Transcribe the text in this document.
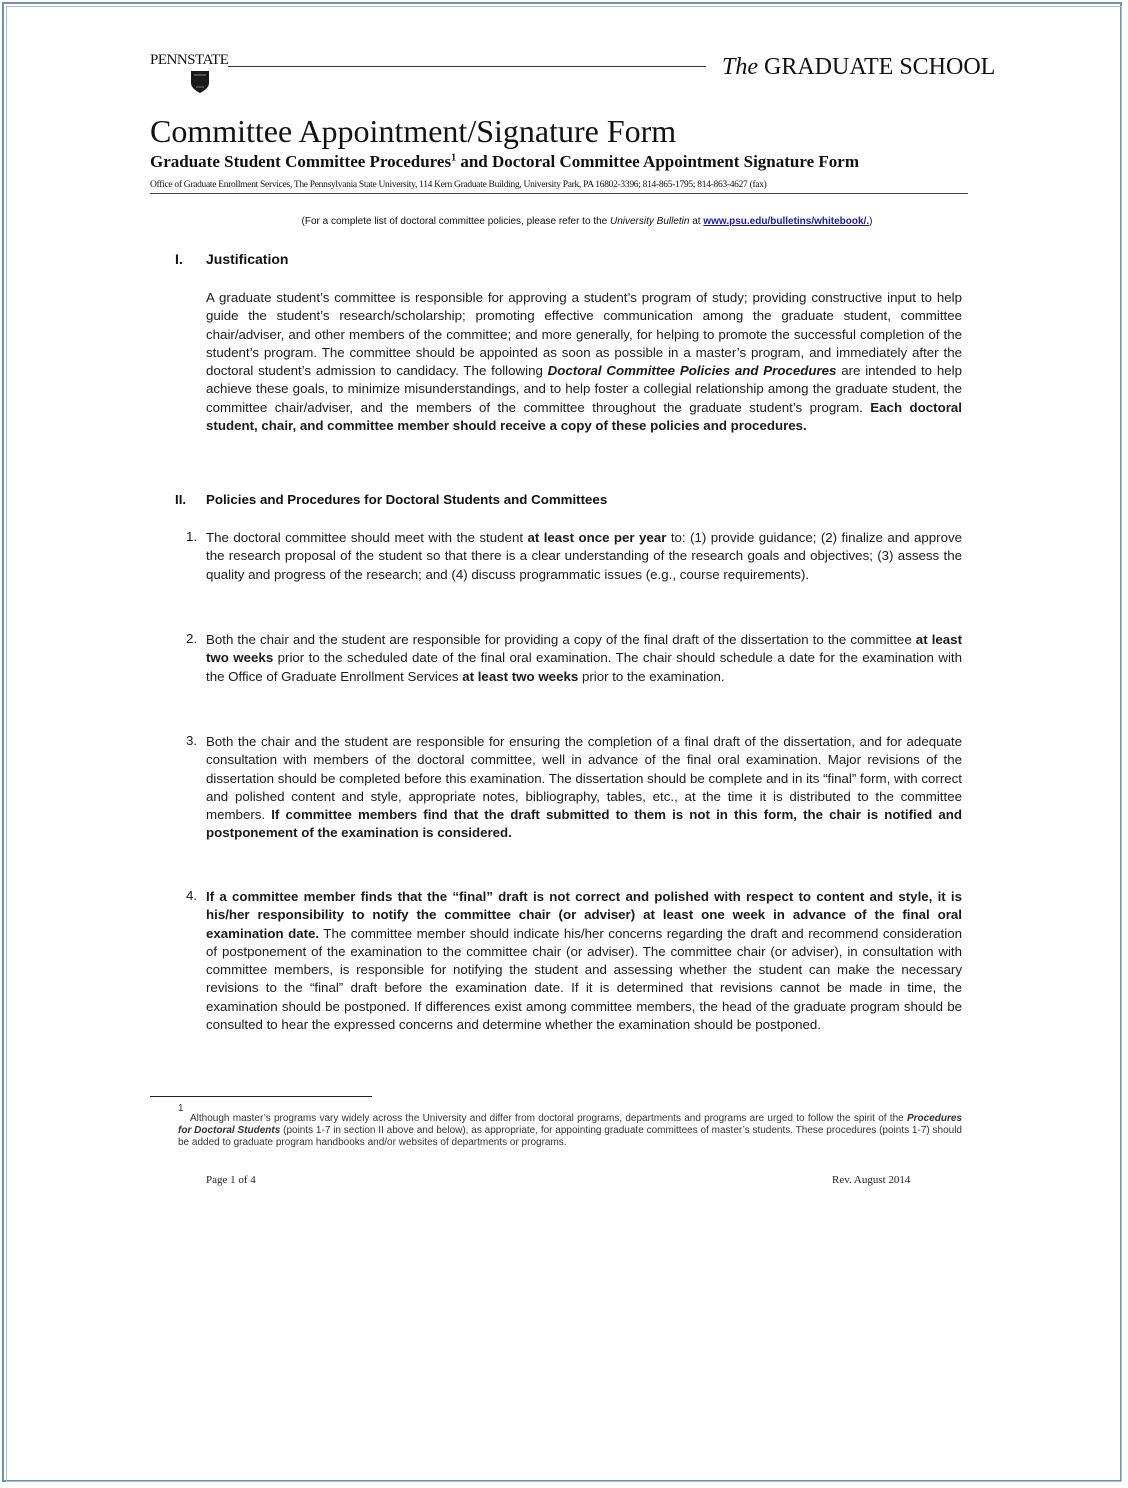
PENNSTATE	The GRADUATE SCHOOL
Committee Appointment/Signature Form
Graduate Student Committee Procedures$^1$ and Doctoral Committee Appointment Signature Form
Office of Graduate Enrollment Services, The Pennsylvania State University, 114 Kern Graduate Building, University Park, PA 16802-3396; 814-865-1795; 814-863-4627 (fax)
(For a complete list of doctoral committee policies, please refer to the University Bulletin at www.psu.edu/bulletins/whitebook/.)
I. Justification
A graduate student’s committee is responsible for approving a student’s program of study; providing constructive input to help guide the student’s research/scholarship; promoting effective communication among the graduate student, committee chair/adviser, and other members of the committee; and more generally, for helping to promote the successful completion of the student’s program. The committee should be appointed as soon as possible in a master’s program, and immediately after the doctoral student’s admission to candidacy. The following Doctoral Committee Policies and Procedures are intended to help achieve these goals, to minimize misunderstandings, and to help foster a collegial relationship among the graduate student, the committee chair/adviser, and the members of the committee throughout the graduate student’s program. Each doctoral student, chair, and committee member should receive a copy of these policies and procedures.
II. Policies and Procedures for Doctoral Students and Committees
1. The doctoral committee should meet with the student at least once per year to: (1) provide guidance; (2) finalize and approve the research proposal of the student so that there is a clear understanding of the research goals and objectives; (3) assess the quality and progress of the research; and (4) discuss programmatic issues (e.g., course requirements).
2. Both the chair and the student are responsible for providing a copy of the final draft of the dissertation to the committee at least two weeks prior to the scheduled date of the final oral examination. The chair should schedule a date for the examination with the Office of Graduate Enrollment Services at least two weeks prior to the examination.
3. Both the chair and the student are responsible for ensuring the completion of a final draft of the dissertation, and for adequate consultation with members of the doctoral committee, well in advance of the final oral examination. Major revisions of the dissertation should be completed before this examination. The dissertation should be complete and in its “final” form, with correct and polished content and style, appropriate notes, bibliography, tables, etc., at the time it is distributed to the committee members. If committee members find that the draft submitted to them is not in this form, the chair is notified and postponement of the examination is considered.
4. If a committee member finds that the “final” draft is not correct and polished with respect to content and style, it is his/her responsibility to notify the committee chair (or adviser) at least one week in advance of the final oral examination date. The committee member should indicate his/her concerns regarding the draft and recommend consideration of postponement of the examination to the committee chair (or adviser). The committee chair (or adviser), in consultation with committee members, is responsible for notifying the student and assessing whether the student can make the necessary revisions to the “final” draft before the examination date. If it is determined that revisions cannot be made in time, the examination should be postponed. If differences exist among committee members, the head of the graduate program should be consulted to hear the expressed concerns and determine whether the examination should be postponed.
1
Although master’s programs vary widely across the University and differ from doctoral programs, departments and programs are urged to follow the spirit of the Procedures for Doctoral Students (points 1-7 in section II above and below), as appropriate, for appointing graduate committees of master’s students. These procedures (points 1-7) should be added to graduate program handbooks and/or websites of departments or programs.
Page 1 of 4	Rev. August 2014
